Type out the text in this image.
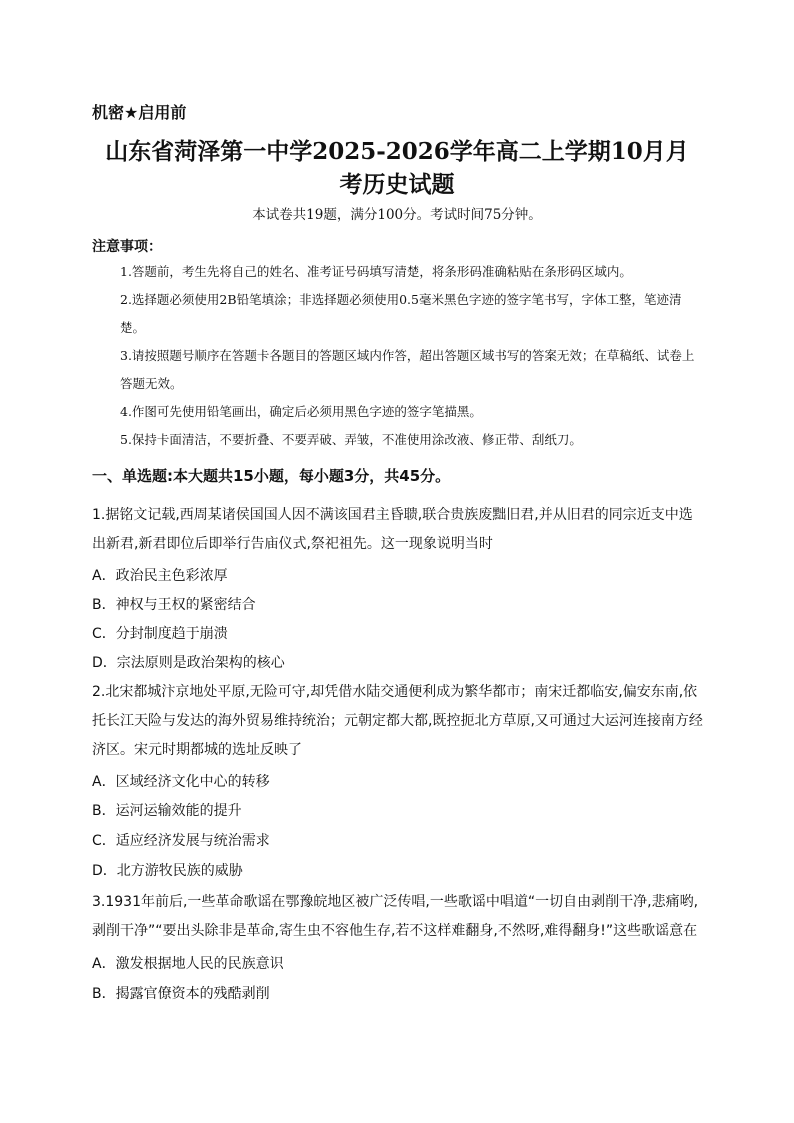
机密★启用前
山东省菏泽第一中学2025-2026学年高二上学期10月月
考历史试题
本试卷共19题，满分100分。考试时间75分钟。
注意事项：
1.答题前，考生先将自己的姓名、准考证号码填写清楚，将条形码准确粘贴在条形码区域内。
2.选择题必须使用2B铅笔填涂；非选择题必须使用0.5毫米黑色字迹的签字笔书写，字体工整，笔迹清楚。
3.请按照题号顺序在答题卡各题目的答题区域内作答，超出答题区域书写的答案无效；在草稿纸、试卷上答题无效。
4.作图可先使用铅笔画出，确定后必须用黑色字迹的签字笔描黑。
5.保持卡面清洁，不要折叠、不要弄破、弄皱，不准使用涂改液、修正带、刮纸刀。
一、单选题:本大题共15小题，每小题3分，共45分。
1.据铭文记载,西周某诸侯国国人因不满该国君主昏聩,联合贵族废黜旧君,并从旧君的同宗近支中选出新君,新君即位后即举行告庙仪式,祭祀祖先。这一现象说明当时
A．政治民主色彩浓厚
B．神权与王权的紧密结合
C．分封制度趋于崩溃
D．宗法原则是政治架构的核心
2.北宋都城汴京地处平原,无险可守,却凭借水陆交通便利成为繁华都市；南宋迁都临安,偏安东南,依托长江天险与发达的海外贸易维持统治；元朝定都大都,既控扼北方草原,又可通过大运河连接南方经济区。宋元时期都城的选址反映了
A．区域经济文化中心的转移
B．运河运输效能的提升
C．适应经济发展与统治需求
D．北方游牧民族的威胁
3.1931年前后,一些革命歌谣在鄂豫皖地区被广泛传唱,一些歌谣中唱道“一切自由剥削干净,悲痛哟,剥削干净”“要出头除非是革命,寄生虫不容他生存,若不这样难翻身,不然呀,难得翻身!”这些歌谣意在
A．激发根据地人民的民族意识
B．揭露官僚资本的残酷剥削
